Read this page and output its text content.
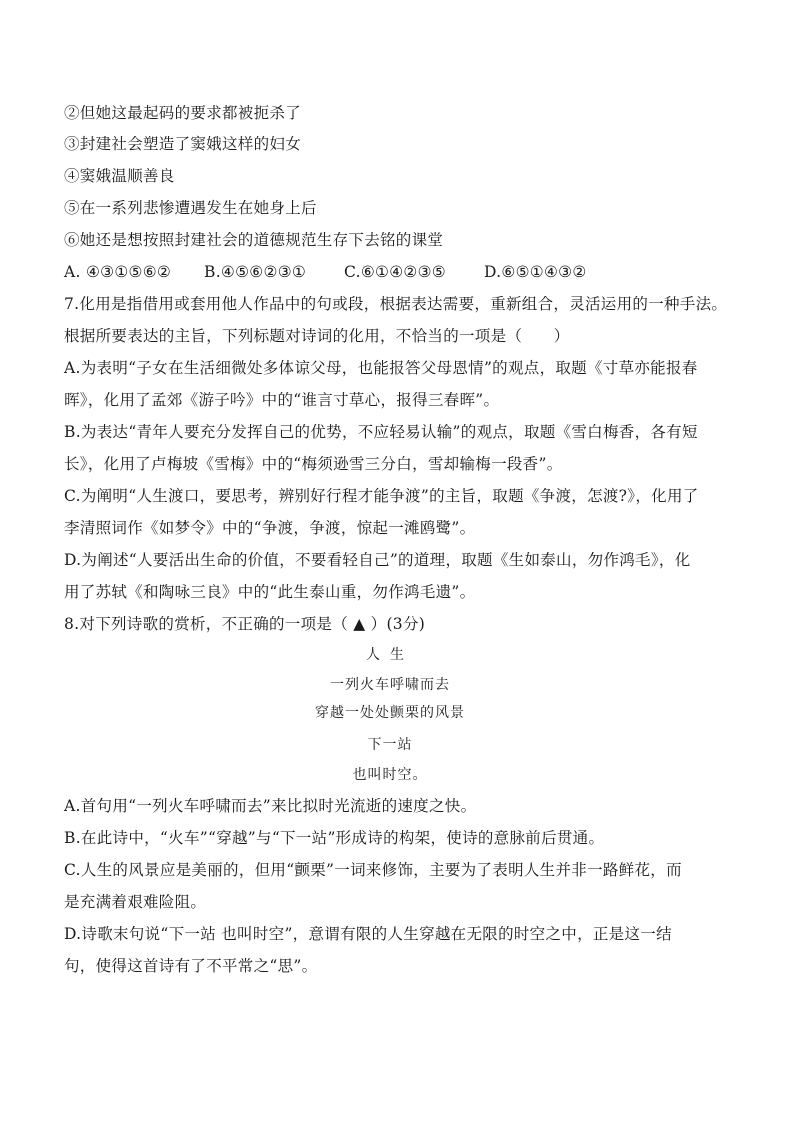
②但她这最起码的要求都被扼杀了
③封建社会塑造了窦娥这样的妇女
④窦娥温顺善良
⑤在一系列悲惨遭遇发生在她身上后
⑥她还是想按照封建社会的道德规范生存下去铭的课堂
A. ④③①⑤⑥② B.④⑤⑥②③① C.⑥①④②③⑤ D.⑥⑤①④③②
7.化用是指借用或套用他人作品中的句或段，根据表达需要，重新组合，灵活运用的一种手法。
根据所要表达的主旨，下列标题对诗词的化用，不恰当的一项是（　　）
A.为表明“子女在生活细微处多体谅父母，也能报答父母恩情”的观点，取题《寸草亦能报春
晖》，化用了孟郊《游子吟》中的“谁言寸草心，报得三春晖”。
B.为表达“青年人要充分发挥自己的优势，不应轻易认输”的观点，取题《雪白梅香，各有短
长》，化用了卢梅坡《雪梅》中的“梅须逊雪三分白，雪却输梅一段香”。
C.为阐明“人生渡口，要思考，辨别好行程才能争渡”的主旨，取题《争渡，怎渡?》，化用了
李清照词作《如梦令》中的“争渡，争渡，惊起一滩鸥鹭”。
D.为阐述“人要活出生命的价值，不要看轻自己”的道理，取题《生如泰山，勿作鸿毛》，化
用了苏轼《和陶咏三良》中的“此生泰山重，勿作鸿毛遗”。
8.对下列诗歌的赏析，不正确的一项是（ ▲ ）(3分)
人生
一列火车呼啸而去
穿越一处处颤栗的风景
下一站
也叫时空。
A.首句用“一列火车呼啸而去”来比拟时光流逝的速度之快。
B.在此诗中，“火车”“穿越”与“下一站”形成诗的构架，使诗的意脉前后贯通。
C.人生的风景应是美丽的，但用“颤栗”一词来修饰，主要为了表明人生并非一路鲜花，而
是充满着艰难险阻。
D.诗歌末句说“下一站 也叫时空”，意谓有限的人生穿越在无限的时空之中，正是这一结
句，使得这首诗有了不平常之“思”。
